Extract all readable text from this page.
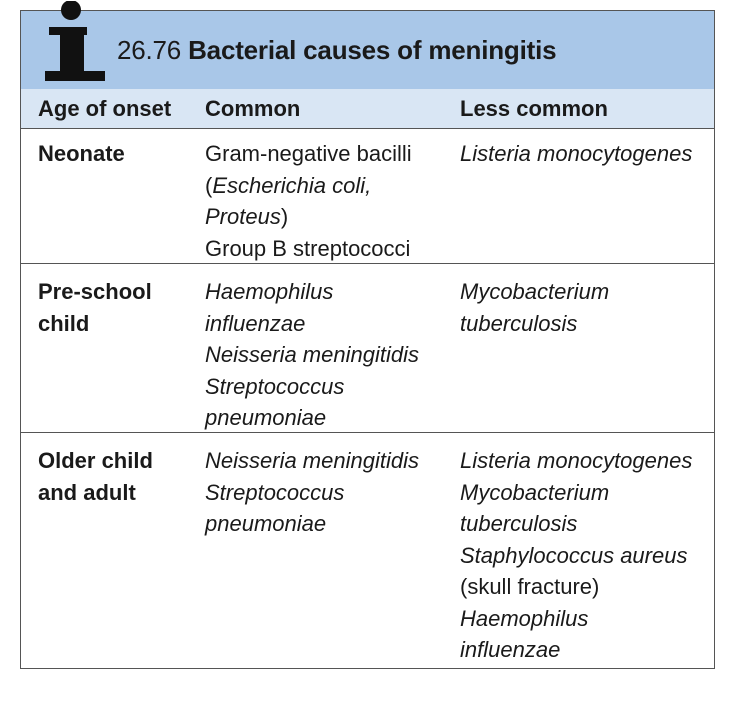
26.76 Bacterial causes of meningitis
Age of onset Common	Less common
Neonate	Gram-negative bacilli
(Escherichia coli,
Proteus)
Group B streptococci
Listeria monocytogenes
Pre-school
child
Haemophilus
influenzae
Neisseria meningitidis
Streptococcus
pneumoniae
Mycobacterium
tuberculosis
Older child
and adult
Neisseria meningitidis
Streptococcus
pneumoniae
Listeria monocytogenes
Mycobacterium
tuberculosis
Staphylococcus aureus
(skull fracture)
Haemophilus
influenzae
